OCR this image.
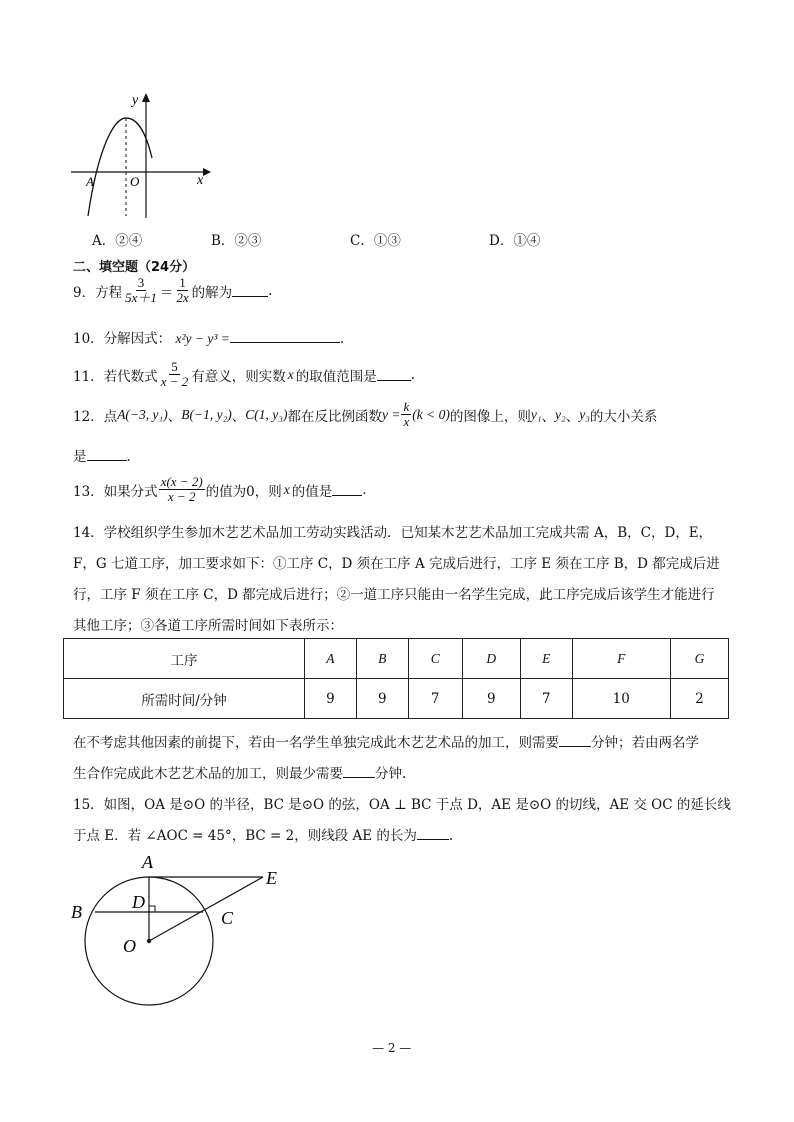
y
x
O
A
A．②④	B．②③	C．①③	D．①④
二、填空题（24分）
9． 方程 $\frac{3}{5x+1} = \frac{1}{2x}$ 的解为	.
10．分解因式： x²y − y³ =	.
11． 若代数式 $\frac{5}{x - 2}$ 有意义，则实数 x 的取值范围是	.
12． 点 A(−3, y₁) 、 B(−1, y₂) 、 C(1, y₃) 都在反比例函数 $y = \frac{k}{x} (k < 0)$ 的图像上，则 y₁ 、 y₂ 、 y₃ 的大小关系
是	.
13． 如果分式 $\frac{x(x - 2)}{x - 2}$ 的值为0，则 x 的值是 .
14．学校组织学生参加木艺艺术品加工劳动实践活动．已知某木艺艺术品加工完成共需 A，B，C，D，E，
F，G 七道工序，加工要求如下：①工序 C，D 须在工序 A 完成后进行，工序 E 须在工序 B，D 都完成后进
行，工序 F 须在工序 C，D 都完成后进行；②一道工序只能由一名学生完成，此工序完成后该学生才能进行
其他工序；③各道工序所需时间如下表所示：
工序	A	B	C	D	E	F	G
所需时间/分钟	9	9	7	9	7	10	2
在不考虑其他因素的前提下，若由一名学生单独完成此木艺艺术品的加工，则需要 分钟；若由两名学
生合作完成此木艺艺术品的加工，则最少需要 分钟.
15．如图，OA 是⊙O 的半径，BC 是⊙O 的弦，OA ⊥ BC 于点 D，AE 是⊙O 的切线，AE 交 OC 的延长线
于点 E．若 ∠AOC = 45°，BC = 2，则线段 AE 的长为 .
A
B	C
D
E
O
— 2 —
